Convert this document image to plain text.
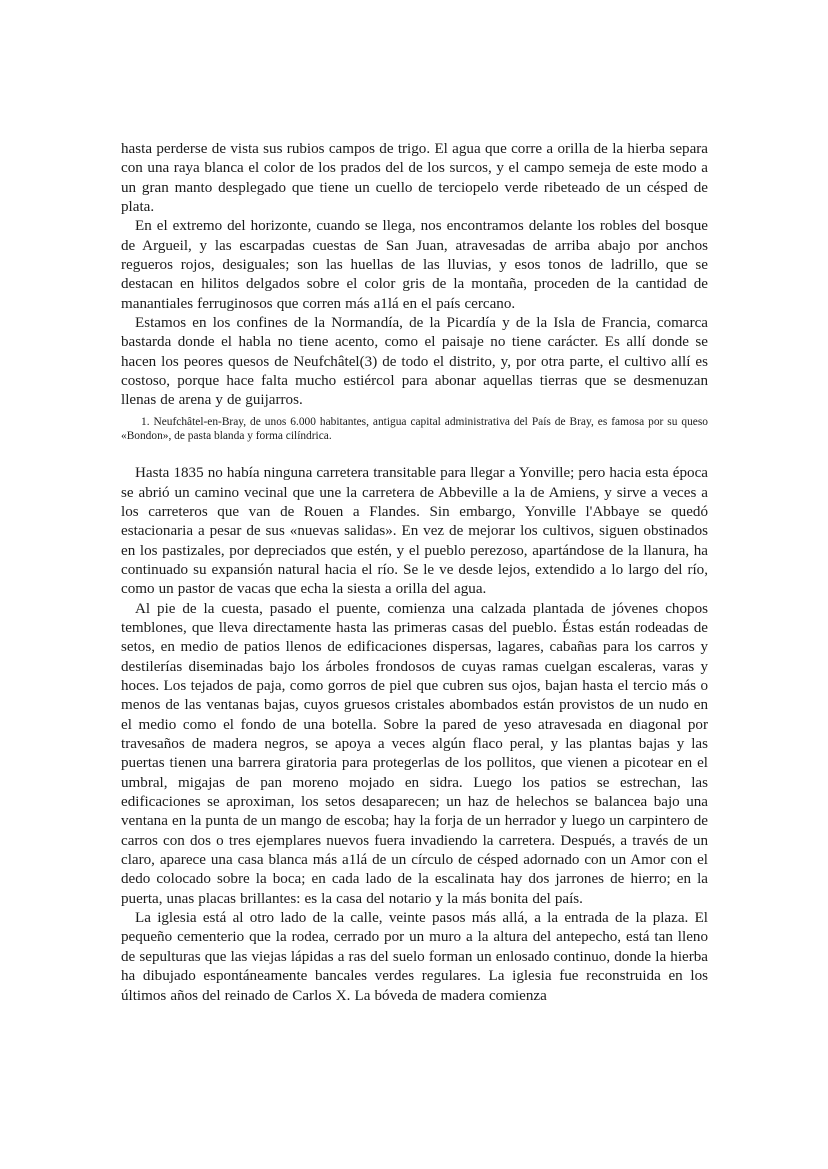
hasta perderse de vista sus rubios campos de trigo. El agua que corre a orilla de la hierba separa con una raya blanca el color de los prados del de los surcos, y el campo semeja de este modo a un gran manto desplegado que tiene un cuello de terciopelo verde ribeteado de un césped de plata.

En el extremo del horizonte, cuando se llega, nos encontramos delante los robles del bosque de Argueil, y las escarpadas cuestas de San Juan, atravesadas de arriba abajo por anchos regueros rojos, desiguales; son las huellas de las lluvias, y esos tonos de ladrillo, que se destacan en hilitos delgados sobre el color gris de la montaña, proceden de la cantidad de manantiales ferruginosos que corren más a1lá en el país cercano.

Estamos en los confines de la Normandía, de la Picardía y de la Isla de Francia, comarca bastarda donde el habla no tiene acento, como el paisaje no tiene carácter. Es allí donde se hacen los peores quesos de Neufchâtel(3) de todo el distrito, y, por otra parte, el cultivo allí es costoso, porque hace falta mucho estiércol para abonar aquellas tierras que se desmenuzan llenas de arena y de guijarros.

1. Neufchâtel-en-Bray, de unos 6.000 habitantes, antigua capital administrativa del País de Bray, es famosa por su queso «Bondon», de pasta blanda y forma cilíndrica.

Hasta 1835 no había ninguna carretera transitable para llegar a Yonville; pero hacia esta época se abrió un camino vecinal que une la carretera de Abbeville a la de Amiens, y sirve a veces a los carreteros que van de Rouen a Flandes. Sin embargo, Yonville l'Abbaye se quedó estacionaria a pesar de sus «nuevas salidas». En vez de mejorar los cultivos, siguen obstinados en los pastizales, por depreciados que estén, y el pueblo perezoso, apartándose de la llanura, ha continuado su expansión natural hacia el río. Se le ve desde lejos, extendido a lo largo del río, como un pastor de vacas que echa la siesta a orilla del agua.

Al pie de la cuesta, pasado el puente, comienza una calzada plantada de jóvenes chopos temblones, que lleva directamente hasta las primeras casas del pueblo. Éstas están rodeadas de setos, en medio de patios llenos de edificaciones dispersas, lagares, cabañas para los carros y destilerías diseminadas bajo los árboles frondosos de cuyas ramas cuelgan escaleras, varas y hoces. Los tejados de paja, como gorros de piel que cubren sus ojos, bajan hasta el tercio más o menos de las ventanas bajas, cuyos gruesos cristales abombados están provistos de un nudo en el medio como el fondo de una botella. Sobre la pared de yeso atravesada en diagonal por travesaños de madera negros, se apoya a veces algún flaco peral, y las plantas bajas y las puertas tienen una barrera giratoria para protegerlas de los pollitos, que vienen a picotear en el umbral, migajas de pan moreno mojado en sidra. Luego los patios se estrechan, las edificaciones se aproximan, los setos desaparecen; un haz de helechos se balancea bajo una ventana en la punta de un mango de escoba; hay la forja de un herrador y luego un carpintero de carros con dos o tres ejemplares nuevos fuera invadiendo la carretera. Después, a través de un claro, aparece una casa blanca más a1lá de un círculo de césped adornado con un Amor con el dedo colocado sobre la boca; en cada lado de la escalinata hay dos jarrones de hierro; en la puerta, unas placas brillantes: es la casa del notario y la más bonita del país.

La iglesia está al otro lado de la calle, veinte pasos más allá, a la entrada de la plaza. El pequeño cementerio que la rodea, cerrado por un muro a la altura del antepecho, está tan lleno de sepulturas que las viejas lápidas a ras del suelo forman un enlosado continuo, donde la hierba ha dibujado espontáneamente bancales verdes regulares. La iglesia fue reconstruida en los últimos años del reinado de Carlos X. La bóveda de madera comienza
